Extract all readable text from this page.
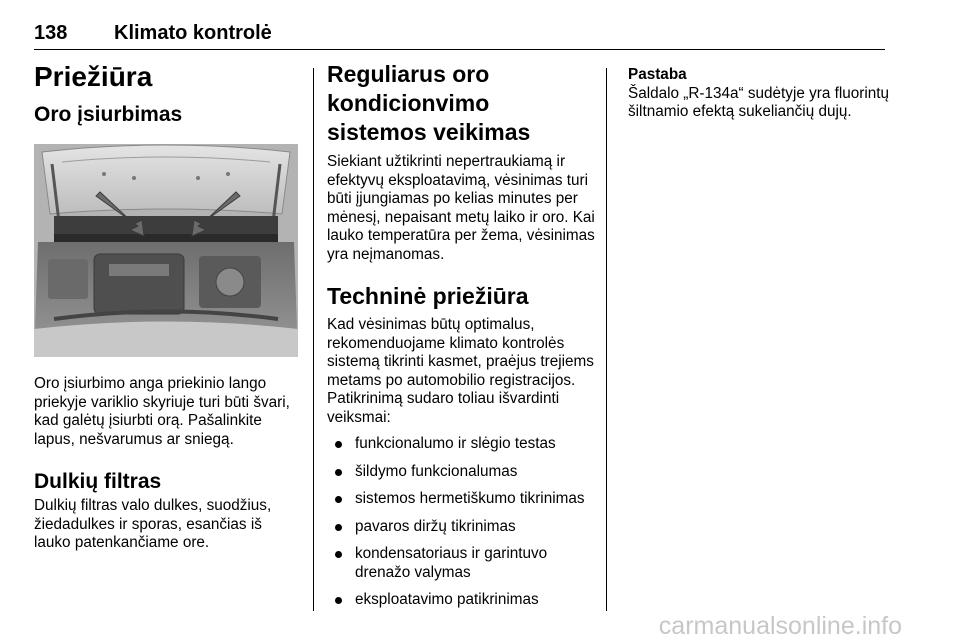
138 Klimato kontrolė
Priežiūra
Oro įsiurbimas

Oro įsiurbimo anga priekinio lango priekyje variklio skyriuje turi būti švari, kad galėtų įsiurbti orą. Pašalinkite lapus, nešvarumus ar sniegą.

Dulkių filtras

Dulkių filtras valo dulkes, suodžius, žiedadulkes ir sporas, esančias iš lauko patenkančiame ore.

Reguliarus oro kondicionvimo sistemos veikimas

Siekiant užtikrinti nepertraukiamą ir efektyvų eksploatavimą, vėsinimas turi būti įjungiamas po kelias minutes per mėnesį, nepaisant metų laiko ir oro. Kai lauko temperatūra per žema, vėsinimas yra neįmanomas.

Techninė priežiūra

Kad vėsinimas būtų optimalus, rekomenduojame klimato kontrolės sistemą tikrinti kasmet, praėjus trejiems metams po automobilio registracijos. Patikrinimą sudaro toliau išvardinti veiksmai:

funkcionalumo ir slėgio testas
šildymo funkcionalumas
sistemos hermetiškumo tikrinimas
pavaros diržų tikrinimas
kondensatoriaus ir garintuvo drenažo valymas
eksploatavimo patikrinimas

Pastaba

Šaldalo „R-134a“ sudėtyje yra fluorintų šiltnamio efektą sukeliančių dujų.

carmanualsonline.info
